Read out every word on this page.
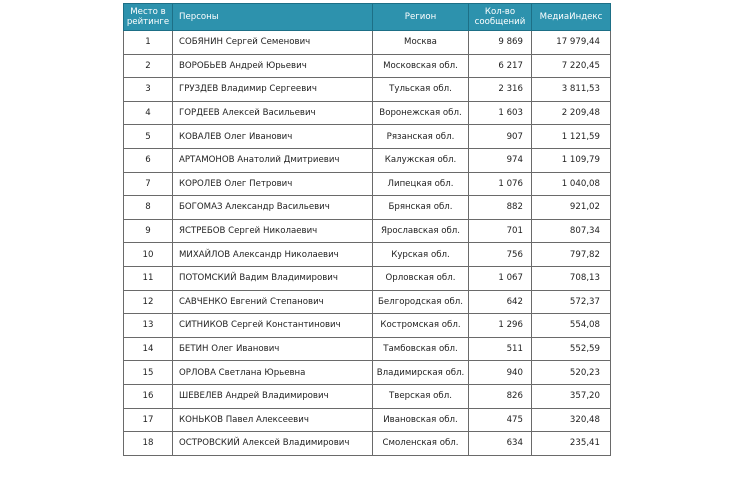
Место в рейтинге	Персоны	Регион	Кол-во сообщений	МедиаИндекс
1	СОБЯНИН Сергей Семенович	Москва	9 869	17 979,44
2	ВОРОБЬЕВ Андрей Юрьевич	Московская обл.	6 217	7 220,45
3	ГРУЗДЕВ Владимир Сергеевич	Тульская обл.	2 316	3 811,53
4	ГОРДЕЕВ Алексей Васильевич	Воронежская обл.	1 603	2 209,48
5	КОВАЛЕВ Олег Иванович	Рязанская обл.	907	1 121,59
6	АРТАМОНОВ Анатолий Дмитриевич	Калужская обл.	974	1 109,79
7	КОРОЛЕВ Олег Петрович	Липецкая обл.	1 076	1 040,08
8	БОГОМАЗ Александр Васильевич	Брянская обл.	882	921,02
9	ЯСТРЕБОВ Сергей Николаевич	Ярославская обл.	701	807,34
10	МИХАЙЛОВ Александр Николаевич	Курская обл.	756	797,82
11	ПОТОМСКИЙ Вадим Владимирович	Орловская обл.	1 067	708,13
12	САВЧЕНКО Евгений Степанович	Белгородская обл.	642	572,37
13	СИТНИКОВ Сергей Константинович	Костромская обл.	1 296	554,08
14	БЕТИН Олег Иванович	Тамбовская обл.	511	552,59
15	ОРЛОВА Светлана Юрьевна	Владимирская обл.	940	520,23
16	ШЕВЕЛЕВ Андрей Владимирович	Тверская обл.	826	357,20
17	КОНЬКОВ Павел Алексеевич	Ивановская обл.	475	320,48
18	ОСТРОВСКИЙ Алексей Владимирович	Смоленская обл.	634	235,41
